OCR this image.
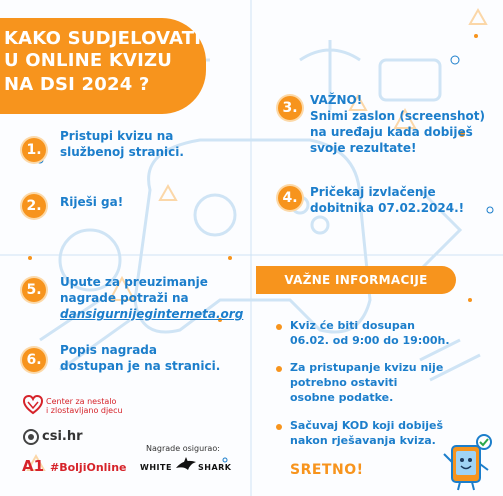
KAKO SUDJELOVATI
U ONLINE KVIZU
NA DSI 2024 ?
1.
Pristupi kvizu na
službenoj stranici.
2.	Riješi ga!
3.	VAŽNO!
Snimi zaslon (screenshot)
na uređaju kada dobiješ
svoje rezultate!
4.	Pričekaj izvlačenje
dobitnika 07.02.2024.!
5.	Upute za preuzimanje
nagrade potraži na
dansigurnijeginterneta.org
6.
Popis nagrada
dostupan je na stranici.
VAŽNE INFORMACIJE
Kviz će biti dosupan
06.02. od 9:00 do 19:00h.
Za pristupanje kvizu nije
potrebno ostaviti
osobne podatke.
Sačuvaj KOD koji dobiješ
nakon rješavanja kviza.
SRETNO!
Center za nestalo
i zlostavljano djecu
csi.hr
A1 #BoljiOnline
Nagrade osigurao:
WHITE	SHARK
